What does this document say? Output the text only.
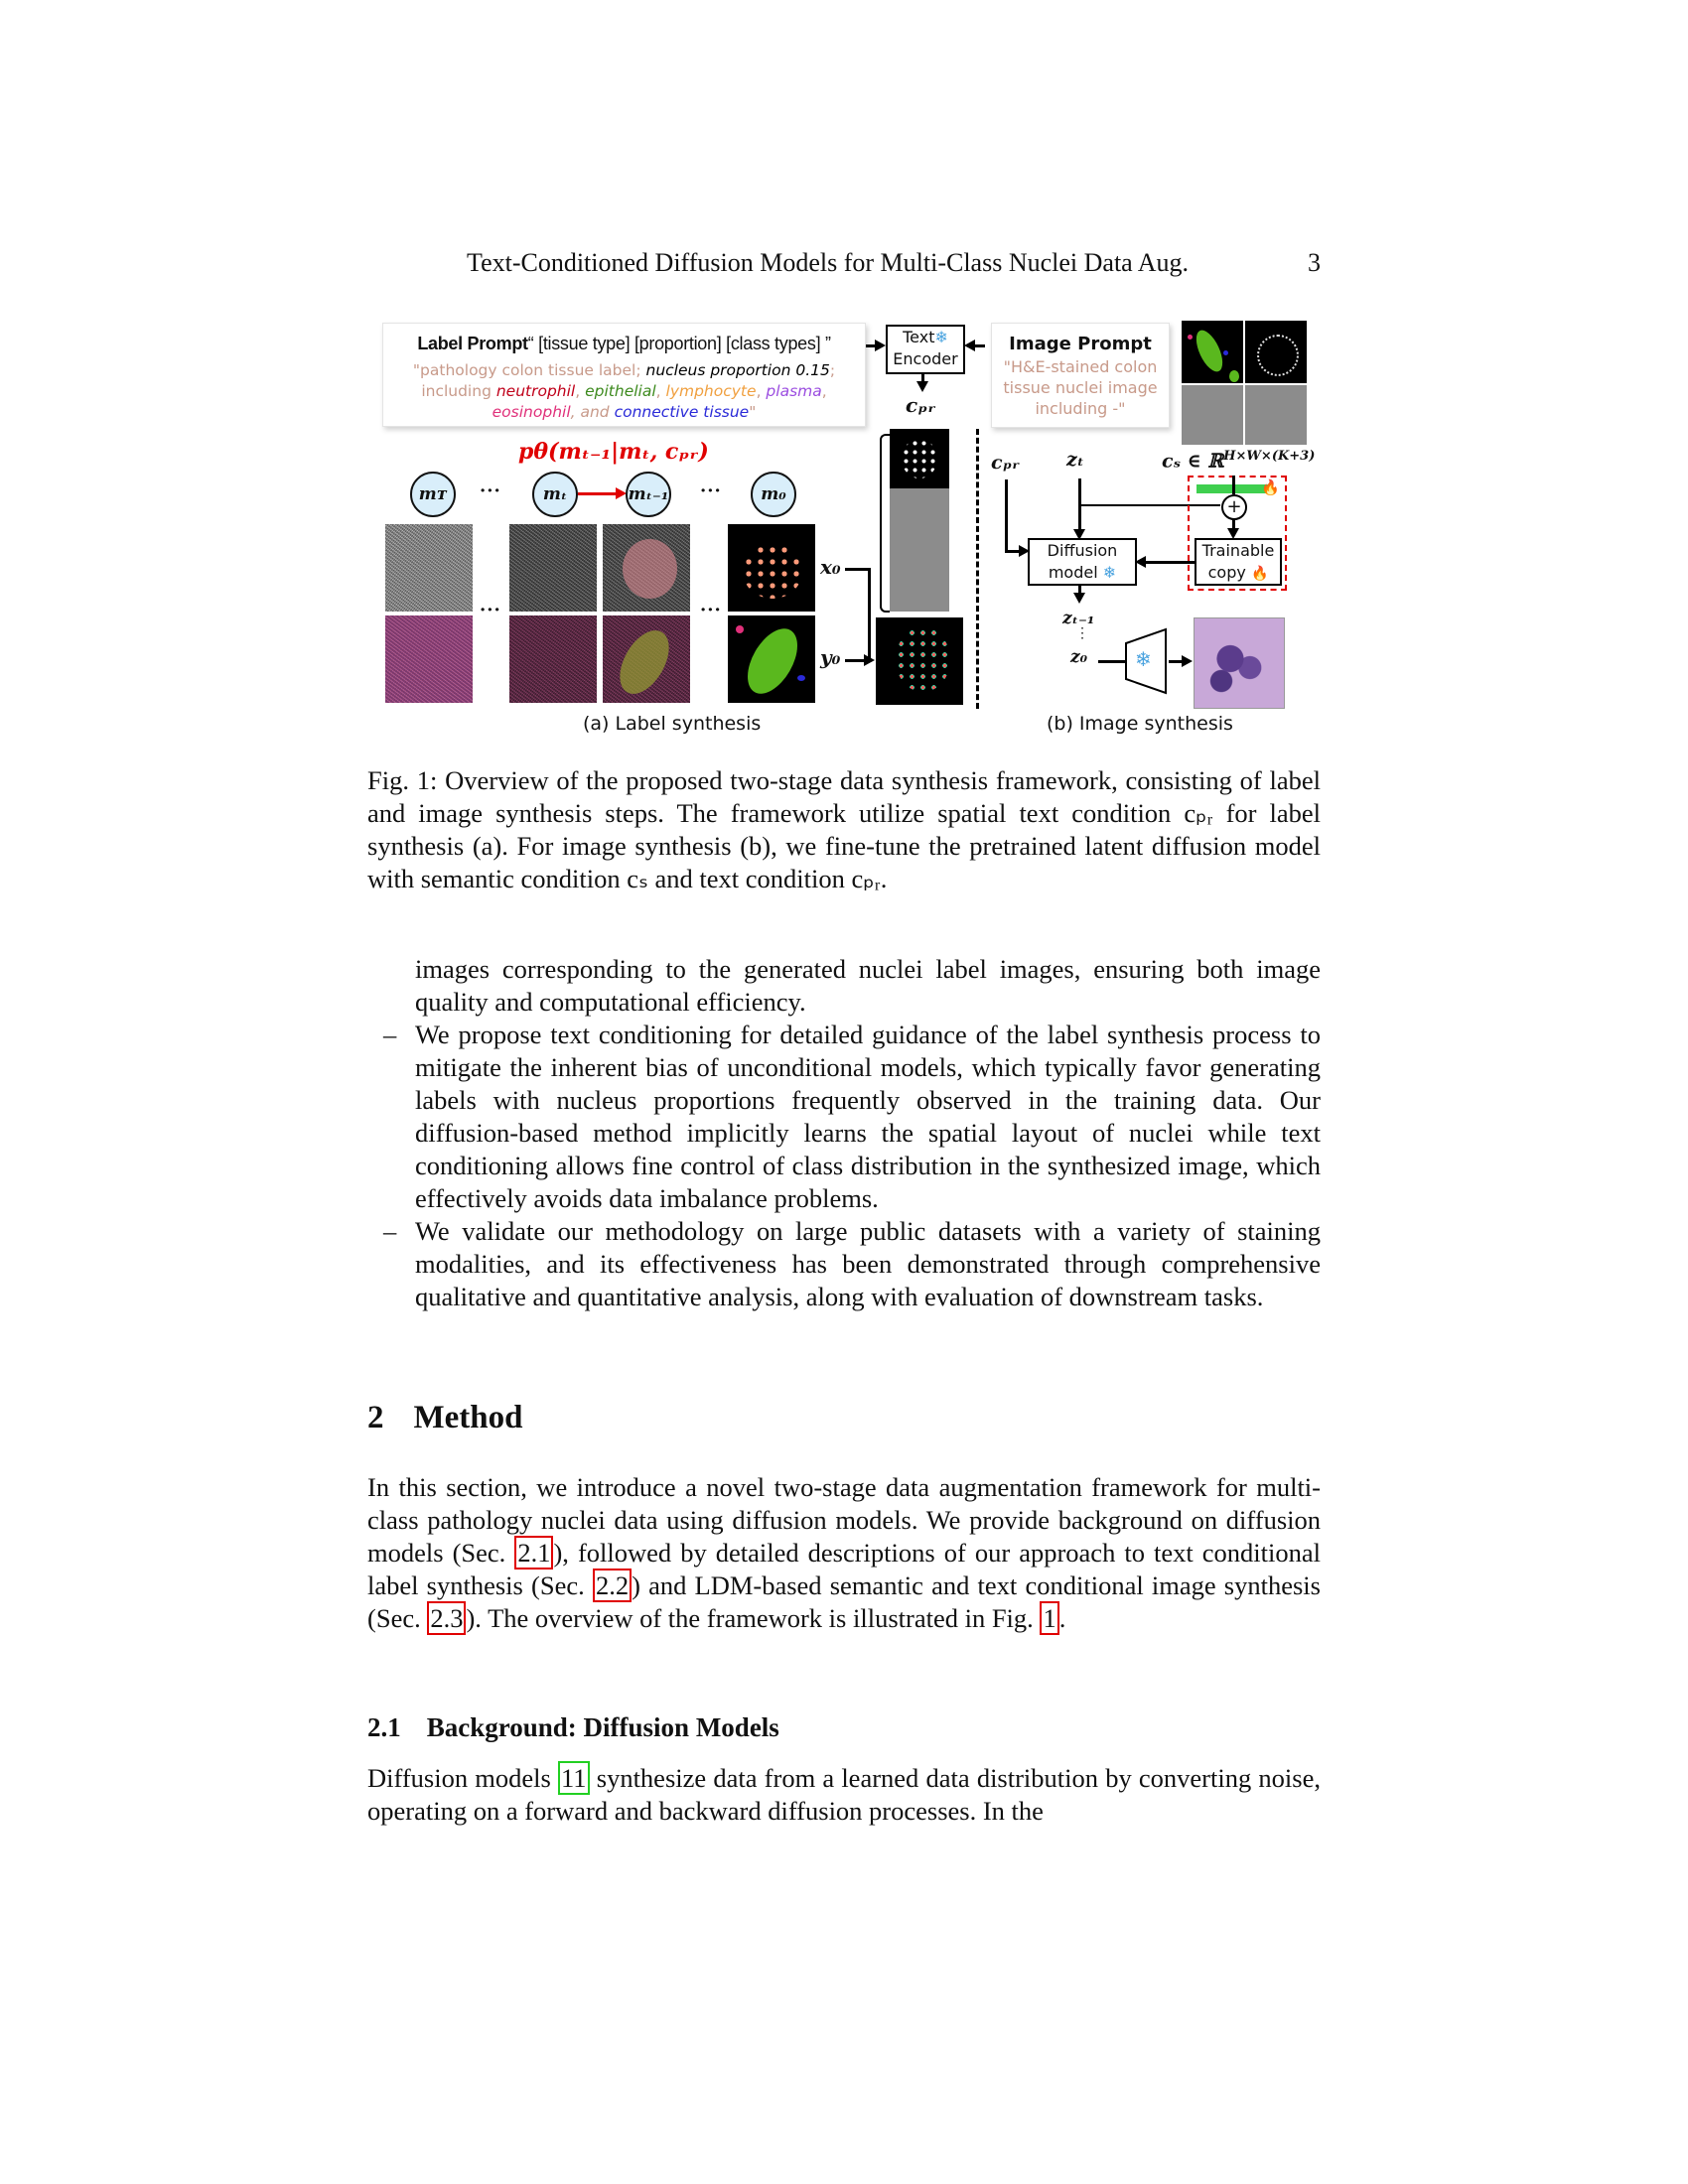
Text-Conditioned Diffusion Models for Multi-Class Nuclei Data Aug.	3
Label Prompt“ [tissue type] [proportion] [class types] ”
"pathology colon tissue label; nucleus proportion 0.15;
including neutrophil, epithelial, lymphocyte, plasma,
eosinophil, and connective tissue"
Text❄
Encoder
cₚᵣ
Image Prompt
"H&E-stained colon
tissue nuclei image
including -"
pθ(mₜ₋₁|mₜ, cₚᵣ)
mᴛ ··· mₜ	mₜ₋₁ ··· m₀
···	···
x₀
y₀
cₚᵣ zₜ	cₛ ∈ ℝ$^{H\times W\times(K+3)}$
🔥
+
Trainable
copy 🔥
Diffusion
model ❄
zₜ₋₁
⋮
z₀ ❄
(a) Label synthesis	(b) Image synthesis

Fig. 1: Overview of the proposed two-stage data synthesis framework, consisting of label and image synthesis steps. The framework utilize spatial text condition cₚᵣ for label synthesis (a). For image synthesis (b), we fine-tune the pretrained latent diffusion model with semantic condition cₛ and text condition cₚᵣ.

images corresponding to the generated nuclei label images, ensuring both image quality and computational efficiency.
– We propose text conditioning for detailed guidance of the label synthesis process to mitigate the inherent bias of unconditional models, which typically favor generating labels with nucleus proportions frequently observed in the training data. Our diffusion-based method implicitly learns the spatial layout of nuclei while text conditioning allows fine control of class distribution in the synthesized image, which effectively avoids data imbalance problems.
– We validate our methodology on large public datasets with a variety of staining modalities, and its effectiveness has been demonstrated through comprehensive qualitative and quantitative analysis, along with evaluation of downstream tasks.
2 Method

In this section, we introduce a novel two-stage data augmentation framework for multi-class pathology nuclei data using diffusion models. We provide background on diffusion models (Sec. 2.1 ), followed by detailed descriptions of our approach to text conditional label synthesis (Sec. 2.2 ) and LDM-based semantic and text conditional image synthesis (Sec. 2.3 ). The overview of the framework is illustrated in Fig. 1 .

2.1 Background: Diffusion Models

Diffusion models 11 synthesize data from a learned data distribution by converting noise, operating on a forward and backward diffusion processes. In the
